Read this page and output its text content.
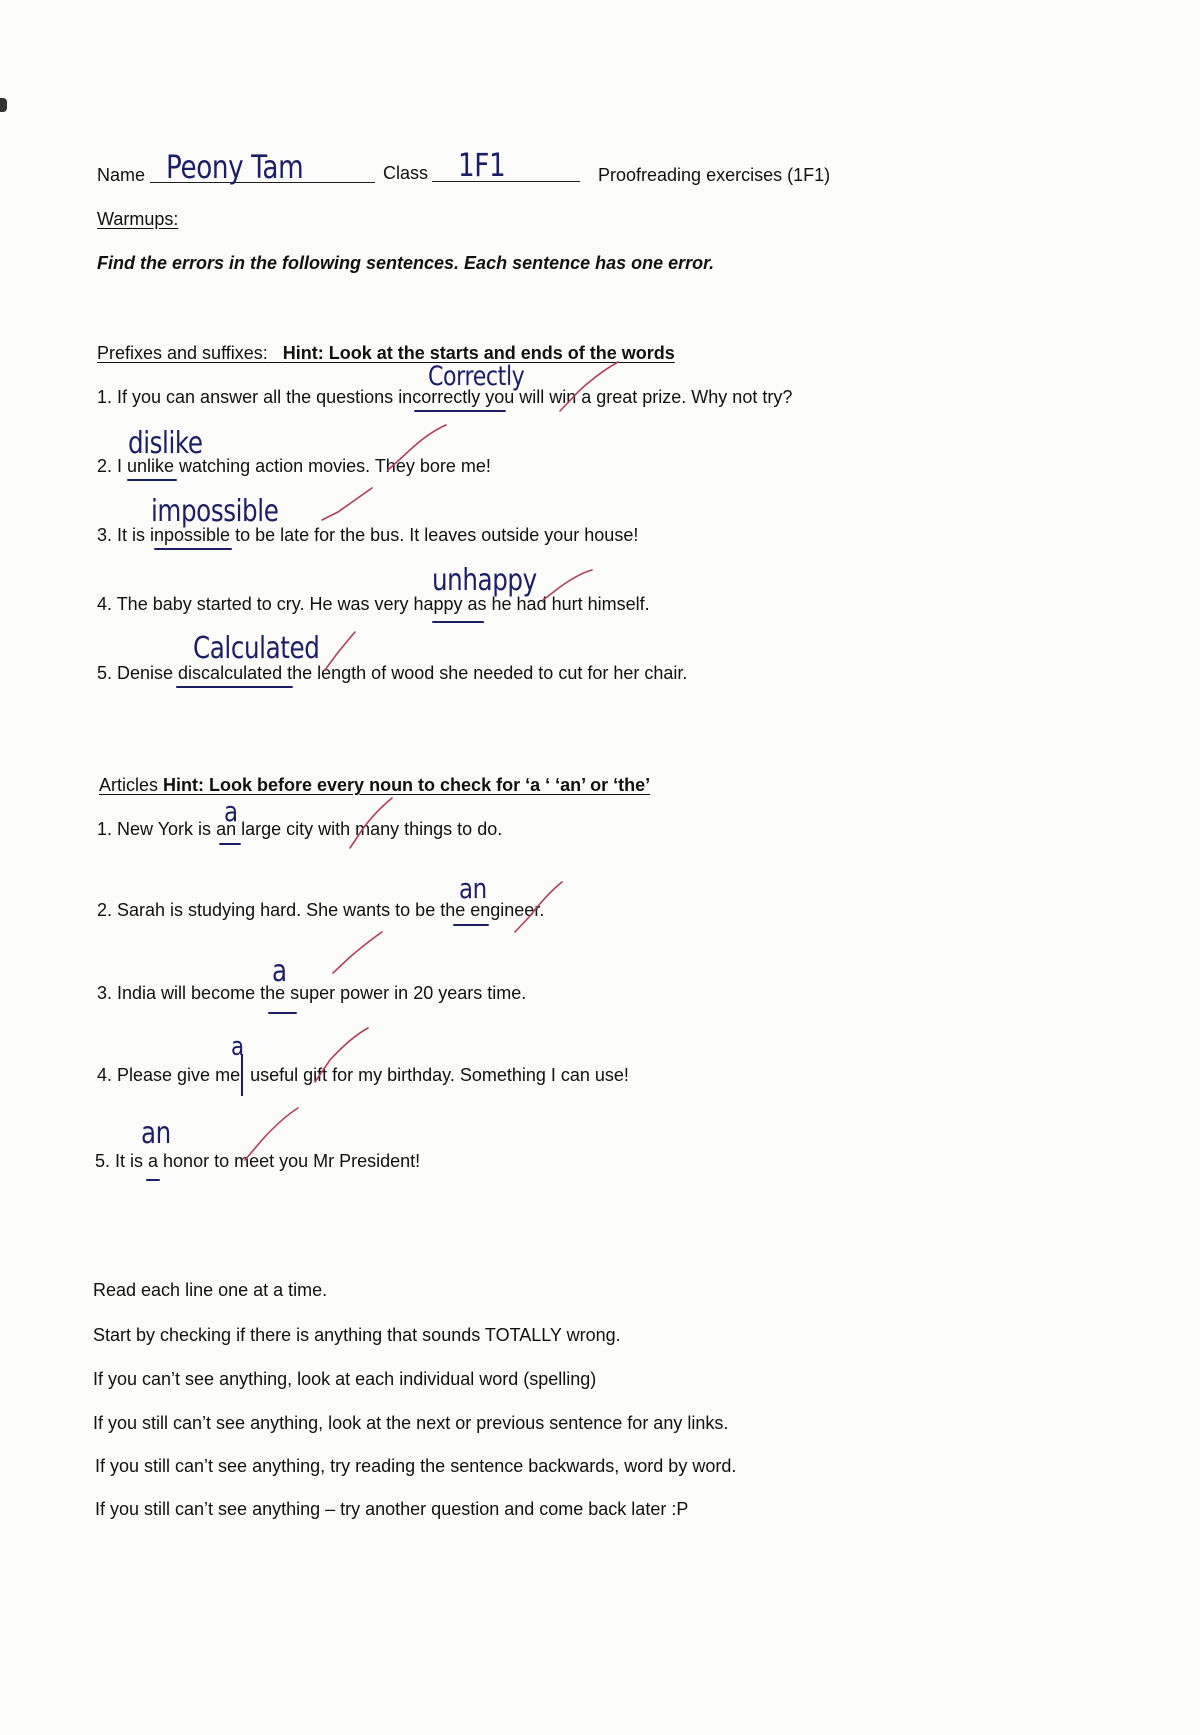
Name Peony Tam	Class 1F1	Proofreading exercises (1F1)
Warmups:
Find the errors in the following sentences. Each sentence has one error.
Prefixes and suffixes: Hint: Look at the starts and ends of the words
1. If you can answer all the questions incorrectly you will win a great prize. Why not try?
Correctly
2. I unlike watching action movies. They bore me!
dislike
3. It is inpossible to be late for the bus. It leaves outside your house!
impossible
4. The baby started to cry. He was very happy as he had hurt himself.
unhappy
5. Denise discalculated the length of wood she needed to cut for her chair.
Calculated
Articles Hint: Look before every noun to check for ‘a ‘ ‘an’ or ‘the’
1. New York is an large city with many things to do.
a
2. Sarah is studying hard. She wants to be the engineer.
an
3. India will become the super power in 20 years time.
a
4. Please give me useful gift for my birthday. Something I can use!
a
5. It is a honor to meet you Mr President!
an
Read each line one at a time.
Start by checking if there is anything that sounds TOTALLY wrong.
If you can’t see anything, look at each individual word (spelling)
If you still can’t see anything, look at the next or previous sentence for any links.
If you still can’t see anything, try reading the sentence backwards, word by word.
If you still can’t see anything – try another question and come back later :P
